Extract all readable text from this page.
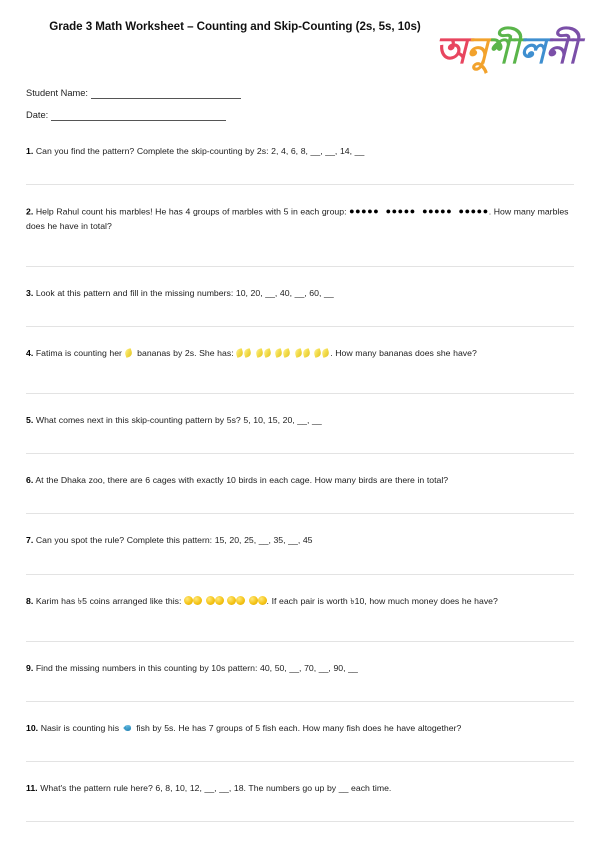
Grade 3 Math Worksheet – Counting and Skip-Counting (2s, 5s, 10s)
অনুশীলনী
Student Name:
Date:

1. Can you find the pattern? Complete the skip-counting by 2s: 2, 4, 6, 8, __, __, 14, __

2. Help Rahul count his marbles! He has 4 groups of marbles with 5 in each group: ●●●●● ●●●●● ●●●●● ●●●●●. How many marbles does he have in total?

3. Look at this pattern and fill in the missing numbers: 10, 20, __, 40, __, 60, __

4. Fatima is counting her  bananas by 2s. She has:	. How many bananas does she have?

5. What comes next in this skip-counting pattern by 5s? 5, 10, 15, 20, __, __

6. At the Dhaka zoo, there are 6 cages with exactly 10 birds in each cage. How many birds are there in total?

7. Can you spot the rule? Complete this pattern: 15, 20, 25, __, 35, __, 45

8. Karim has ৳5 coins arranged like this:	. If each pair is worth ৳10, how much money does he have?

9. Find the missing numbers in this counting by 10s pattern: 40, 50, __, 70, __, 90, __

10. Nasir is counting his  fish by 5s. He has 7 groups of 5 fish each. How many fish does he have altogether?

11. What's the pattern rule here? 6, 8, 10, 12, __, __, 18. The numbers go up by __ each time.
